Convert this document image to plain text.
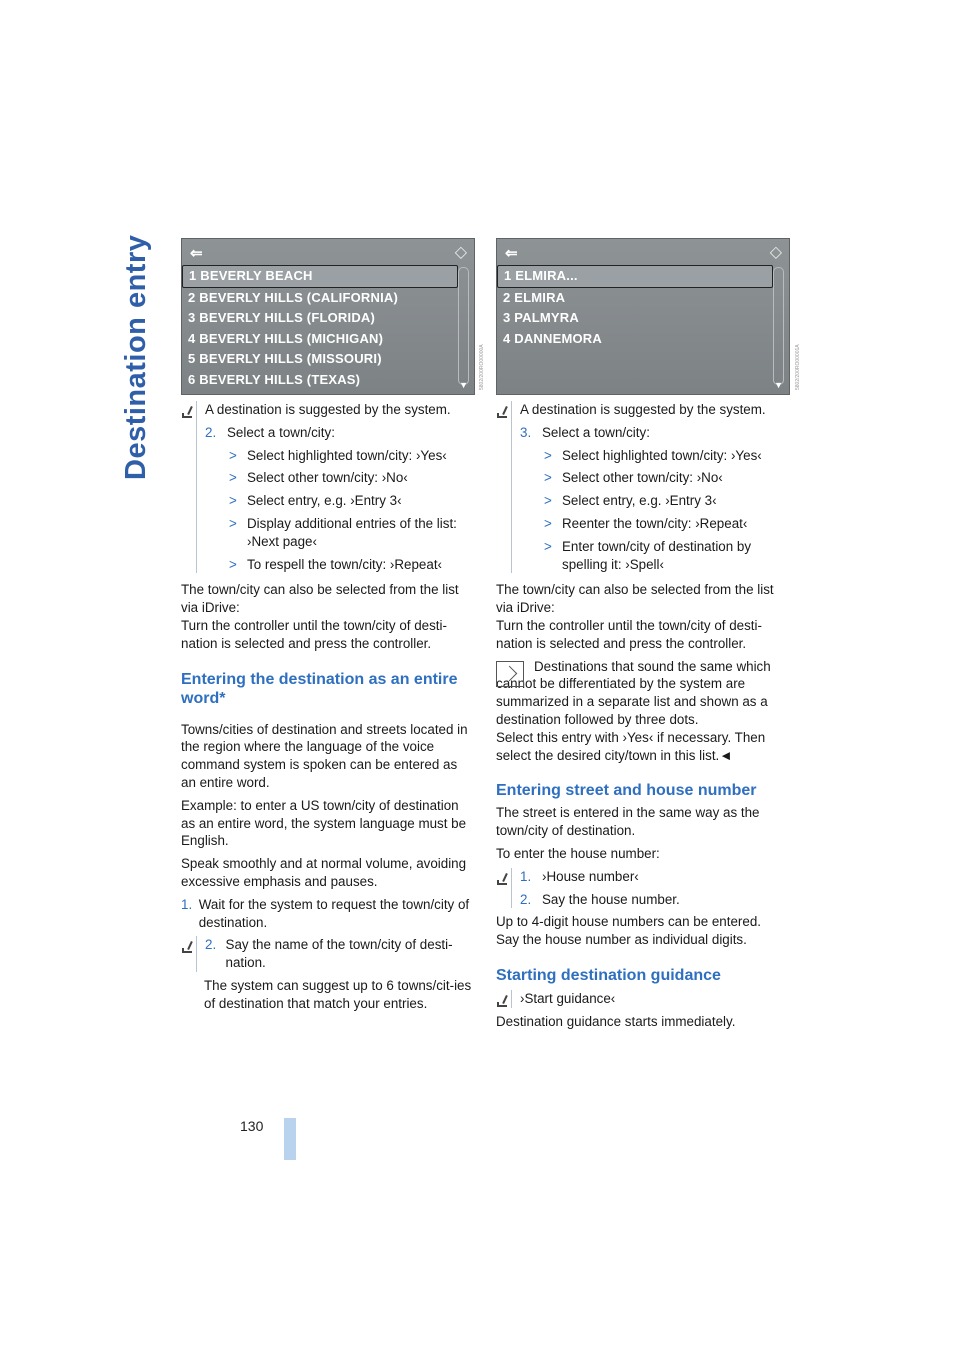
Destination entry	⇐	◇
1 BEVERLY BEACH
2 BEVERLY HILLS (CALIFORNIA)
3 BEVERLY HILLS (FLORIDA)
4 BEVERLY HILLS (MICHIGAN)
5 BEVERLY HILLS (MISSOURI)
6 BEVERLY HILLS (TEXAS)	▼ 5802/200RO00000A
⇐	◇
1 ELMIRA...
2 ELMIRA
3 PALMYRA
4 DANNEMORA
▼ 5802/200RO00001A

A destination is suggested by the system.

2. Select a town/city:

> Select highlighted town/city: ›Yes‹
> Select other town/city: ›No‹
> Select entry, e.g. ›Entry 3‹
> Display additional entries of the list: ›Next page‹
> To respell the town/city: ›Repeat‹

The town/city can also be selected from the list via iDrive:

Turn the controller until the town/city of desti-nation is selected and press the controller.

Entering the destination as an entire word*

Towns/cities of destination and streets located in the region where the language of the voice command system is spoken can be entered as an entire word.

Example: to enter a US town/city of destination as an entire word, the system language must be English.

Speak smoothly and at normal volume, avoiding excessive emphasis and pauses.

1. Wait for the system to request the town/city of destination.
2. Say the name of the town/city of desti-nation.

The system can suggest up to 6 towns/cit-ies of destination that match your entries.

A destination is suggested by the system.

3. Select a town/city:

> Select highlighted town/city: ›Yes‹
> Select other town/city: ›No‹
> Select entry, e.g. ›Entry 3‹
> Reenter the town/city: ›Repeat‹
> Enter town/city of destination by spelling it: ›Spell‹

The town/city can also be selected from the list via iDrive:

Turn the controller until the town/city of desti-nation is selected and press the controller.

Destinations that sound the same which cannot be differentiated by the system are summarized in a separate list and shown as a destination followed by three dots.

Select this entry with ›Yes‹ if necessary. Then select the desired city/town in this list.◄

Entering street and house number

The street is entered in the same way as the town/city of destination.

To enter the house number:

1. ›House number‹
2. Say the house number.

Up to 4-digit house numbers can be entered.

Say the house number as individual digits.

Starting destination guidance

›Start guidance‹

Destination guidance starts immediately.

130
